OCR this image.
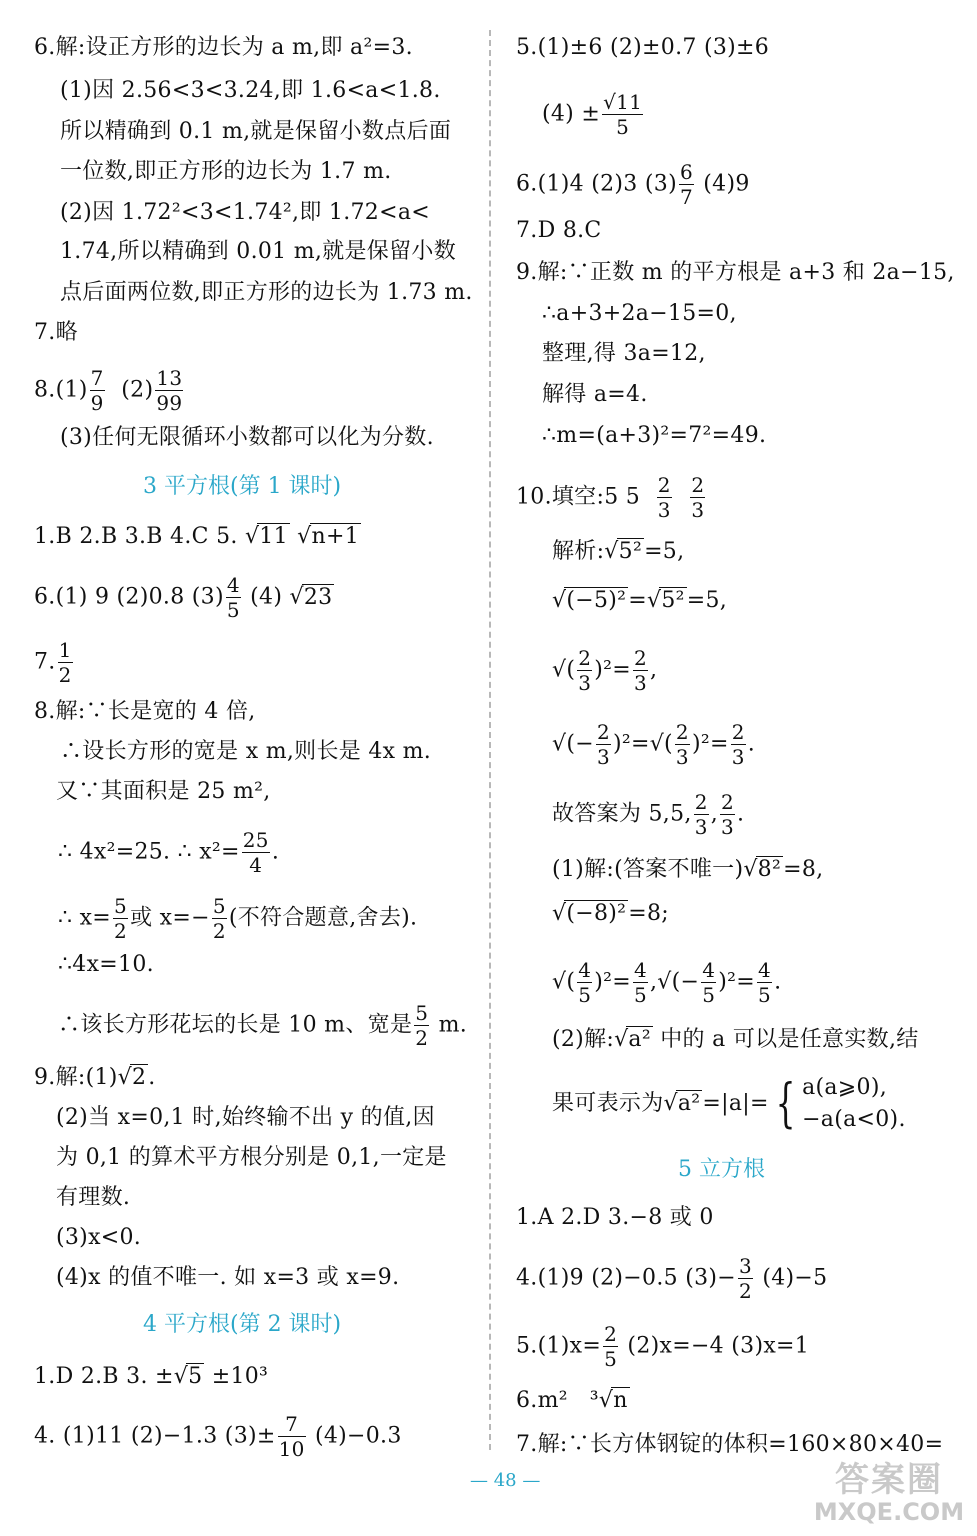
6.解:设正方形的边长为 a m,即 a²=3.
(1)因 2.56<3<3.24,即 1.6<a<1.8.
所以精确到 0.1 m,就是保留小数点后面
一位数,即正方形的边长为 1.7 m.
(2)因 1.72²<3<1.74²,即 1.72<a<
1.74,所以精确到 0.01 m,就是保留小数
点后面两位数,即正方形的边长为 1.73 m.
7.略
$8.(1) \frac{7}{9} (2) \frac{13}{99}$
(3)任何无限循环小数都可以化为分数.
3 平方根(第 1 课时)
1.B 2.B 3.B 4.C 5. √11 √n+1
6.(1) 9 (2)0.8 $(3) \frac{4}{5} (4)$ √23
7. $\frac{1}{2}$
8.解:∵长是宽的 4 倍,
∴设长方形的宽是 x m,则长是 4x m.
又∵其面积是 25 m²,
∴ 4x²=25. ∴ $x^2= \frac{25}{4}$ .
∴ $x= \frac{5}{2}$ 或 $x=- \frac{5}{2}$ (不符合题意,舍去).
∴4x=10.
∴该长方形花坛的长是 10 m、宽是 $\frac{5}{2} m$.
9.解:(1)√2.
(2)当 x=0,1 时,始终输不出 y 的值,因
为 0,1 的算术平方根分别是 0,1,一定是
有理数.
(3)x<0.
(4)x 的值不唯一. 如 x=3 或 x=9.
4 平方根(第 2 课时)
1.D 2.B 3. ±√5 ±10³
4. (1)11 (2)−1.3 $(3)\pm \frac{7}{10} (4)-0.3$
5.(1)±6 (2)±0.7 (3)±6
$(4) \pm \frac{√11}{5}$
6.(1)4 (2)3 $(3) \frac{6}{7} (4)9$
7.D 8.C
9.解:∵正数 m 的平方根是 a+3 和 2a−15,
∴a+3+2a−15=0,
整理,得 3a=12,
解得 a=4.
∴m=(a+3)²=7²=49.
10.填空:5 $5 \frac{2}{3}$
$\frac{2}{3}$
解析:√5²=5,
√(−5)²=√5²=5,
√( $\frac{2}{3} )^2= \frac{2}{3}$ ,
√(− $\frac{2}{3} )^2=√( \frac{2}{3} )^2= \frac{2}{3}$ .
故答案为 5,5, $\frac{2}{3}$ , $\frac{2}{3}$ .
(1)解:(答案不唯一)√8²=8,
√(−8)²=8;
√( $\frac{4}{5} )^2= \frac{4}{5}$ ,√(− $\frac{4}{5} )^2= \frac{4}{5}$ .
(2)解:√a² 中的 a 可以是任意实数,结
果可表示为√a²=|a|= { a(a⩾0),
−a(a<0).
5 立方根
1.A 2.D 3.−8 或 0
4.(1)9 (2)−0.5 $(3)- \frac{3}{2} (4)-5$
$5.(1)x= \frac{2}{5} (2)x=-4$ (3)x=1
6.m² ³√n
7.解:∵长方体钢锭的体积=160×80×40=
— 48 —	答案圈
MXQE.COM
